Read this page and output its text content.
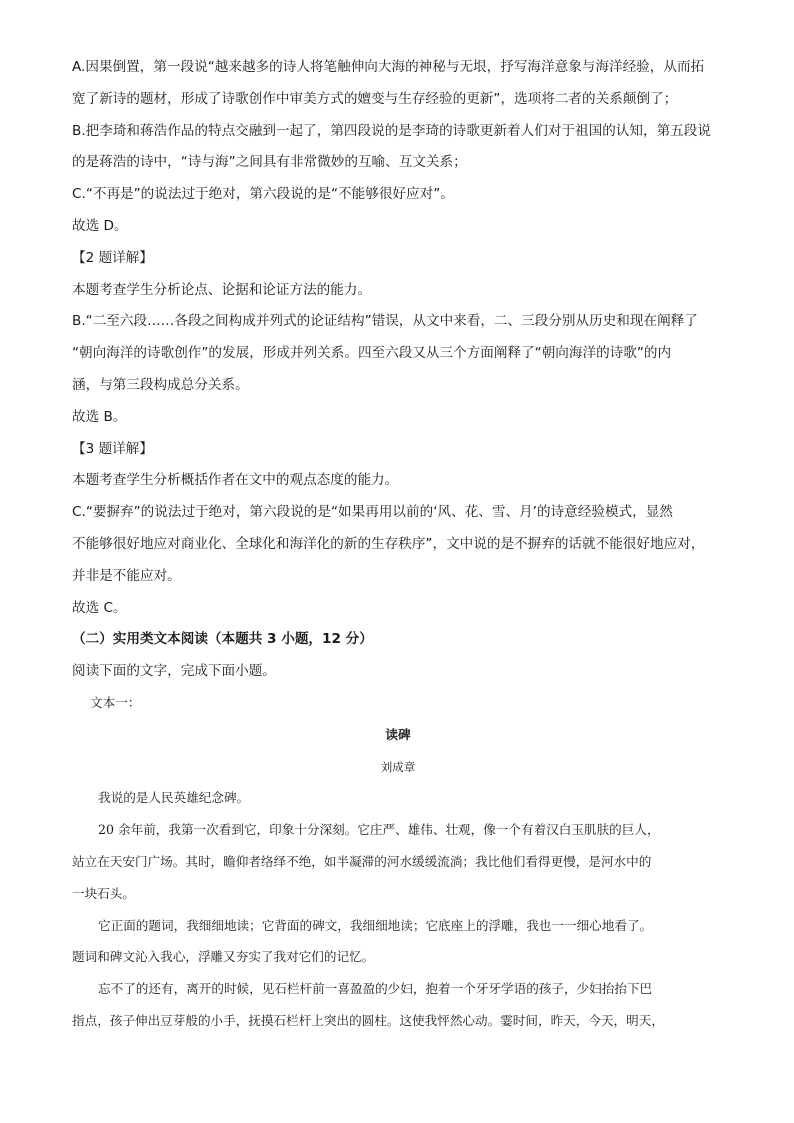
A.因果倒置，第一段说“越来越多的诗人将笔触伸向大海的神秘与无垠，抒写海洋意象与海洋经验，从而拓
宽了新诗的题材，形成了诗歌创作中审美方式的嬗变与生存经验的更新”，选项将二者的关系颠倒了；
B.把李琦和蒋浩作品的特点交融到一起了，第四段说的是李琦的诗歌更新着人们对于祖国的认知，第五段说
的是蒋浩的诗中，“诗与海”之间具有非常微妙的互喻、互文关系；
C.“不再是”的说法过于绝对，第六段说的是“不能够很好应对”。
故选 D。
【2 题详解】
本题考查学生分析论点、论据和论证方法的能力。
B.“二至六段……各段之间构成并列式的论证结构”错误，从文中来看，二、三段分别从历史和现在阐释了
“朝向海洋的诗歌创作”的发展，形成并列关系。四至六段又从三个方面阐释了“朝向海洋的诗歌”的内
涵，与第三段构成总分关系。
故选 B。
【3 题详解】
本题考查学生分析概括作者在文中的观点态度的能力。
C.“要摒弃”的说法过于绝对，第六段说的是“如果再用以前的‘风、花、雪、月’的诗意经验模式，显然
不能够很好地应对商业化、全球化和海洋化的新的生存秩序”，文中说的是不摒弃的话就不能很好地应对，
并非是不能应对。
故选 C。
（二）实用类文本阅读（本题共 3 小题，12 分）
阅读下面的文字，完成下面小题。
文本一：
读碑
刘成章
我说的是人民英雄纪念碑。
20 余年前，我第一次看到它，印象十分深刻。它庄严、雄伟、壮观，像一个有着汉白玉肌肤的巨人，
站立在天安门广场。其时，瞻仰者络绎不绝，如半凝滞的河水缓缓流淌；我比他们看得更慢，是河水中的
一块石头。
它正面的题词，我细细地读；它背面的碑文，我细细地读；它底座上的浮雕，我也一一细心地看了。
题词和碑文沁入我心，浮雕又夯实了我对它们的记忆。
忘不了的还有，离开的时候，见石栏杆前一喜盈盈的少妇，抱着一个牙牙学语的孩子，少妇抬抬下巴
指点，孩子伸出豆芽般的小手，抚摸石栏杆上突出的圆柱。这使我怦然心动。霎时间，昨天，今天，明天，
